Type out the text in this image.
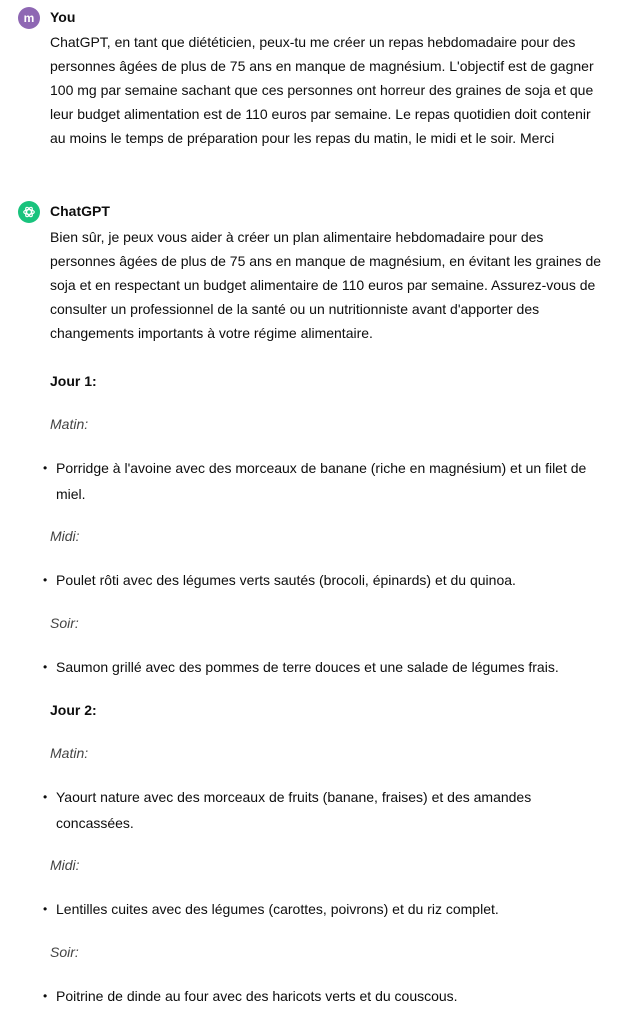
m	You
ChatGPT, en tant que diététicien, peux-tu me créer un repas hebdomadaire pour des personnes âgées de plus de 75 ans en manque de magnésium. L'objectif est de gagner 100 mg par semaine sachant que ces personnes ont horreur des graines de soja et que leur budget alimentation est de 110 euros par semaine. Le repas quotidien doit contenir au moins le temps de préparation pour les repas du matin, le midi et le soir. Merci
ChatGPT
Bien sûr, je peux vous aider à créer un plan alimentaire hebdomadaire pour des personnes âgées de plus de 75 ans en manque de magnésium, en évitant les graines de soja et en respectant un budget alimentaire de 110 euros par semaine. Assurez-vous de consulter un professionnel de la santé ou un nutritionniste avant d'apporter des changements importants à votre régime alimentaire.
Jour 1:
Matin:
• Porridge à l'avoine avec des morceaux de banane (riche en magnésium) et un filet de miel.
Midi:
• Poulet rôti avec des légumes verts sautés (brocoli, épinards) et du quinoa.
Soir:
• Saumon grillé avec des pommes de terre douces et une salade de légumes frais.
Jour 2:
Matin:
• Yaourt nature avec des morceaux de fruits (banane, fraises) et des amandes concassées.
Midi:
• Lentilles cuites avec des légumes (carottes, poivrons) et du riz complet.
Soir:
• Poitrine de dinde au four avec des haricots verts et du couscous.
